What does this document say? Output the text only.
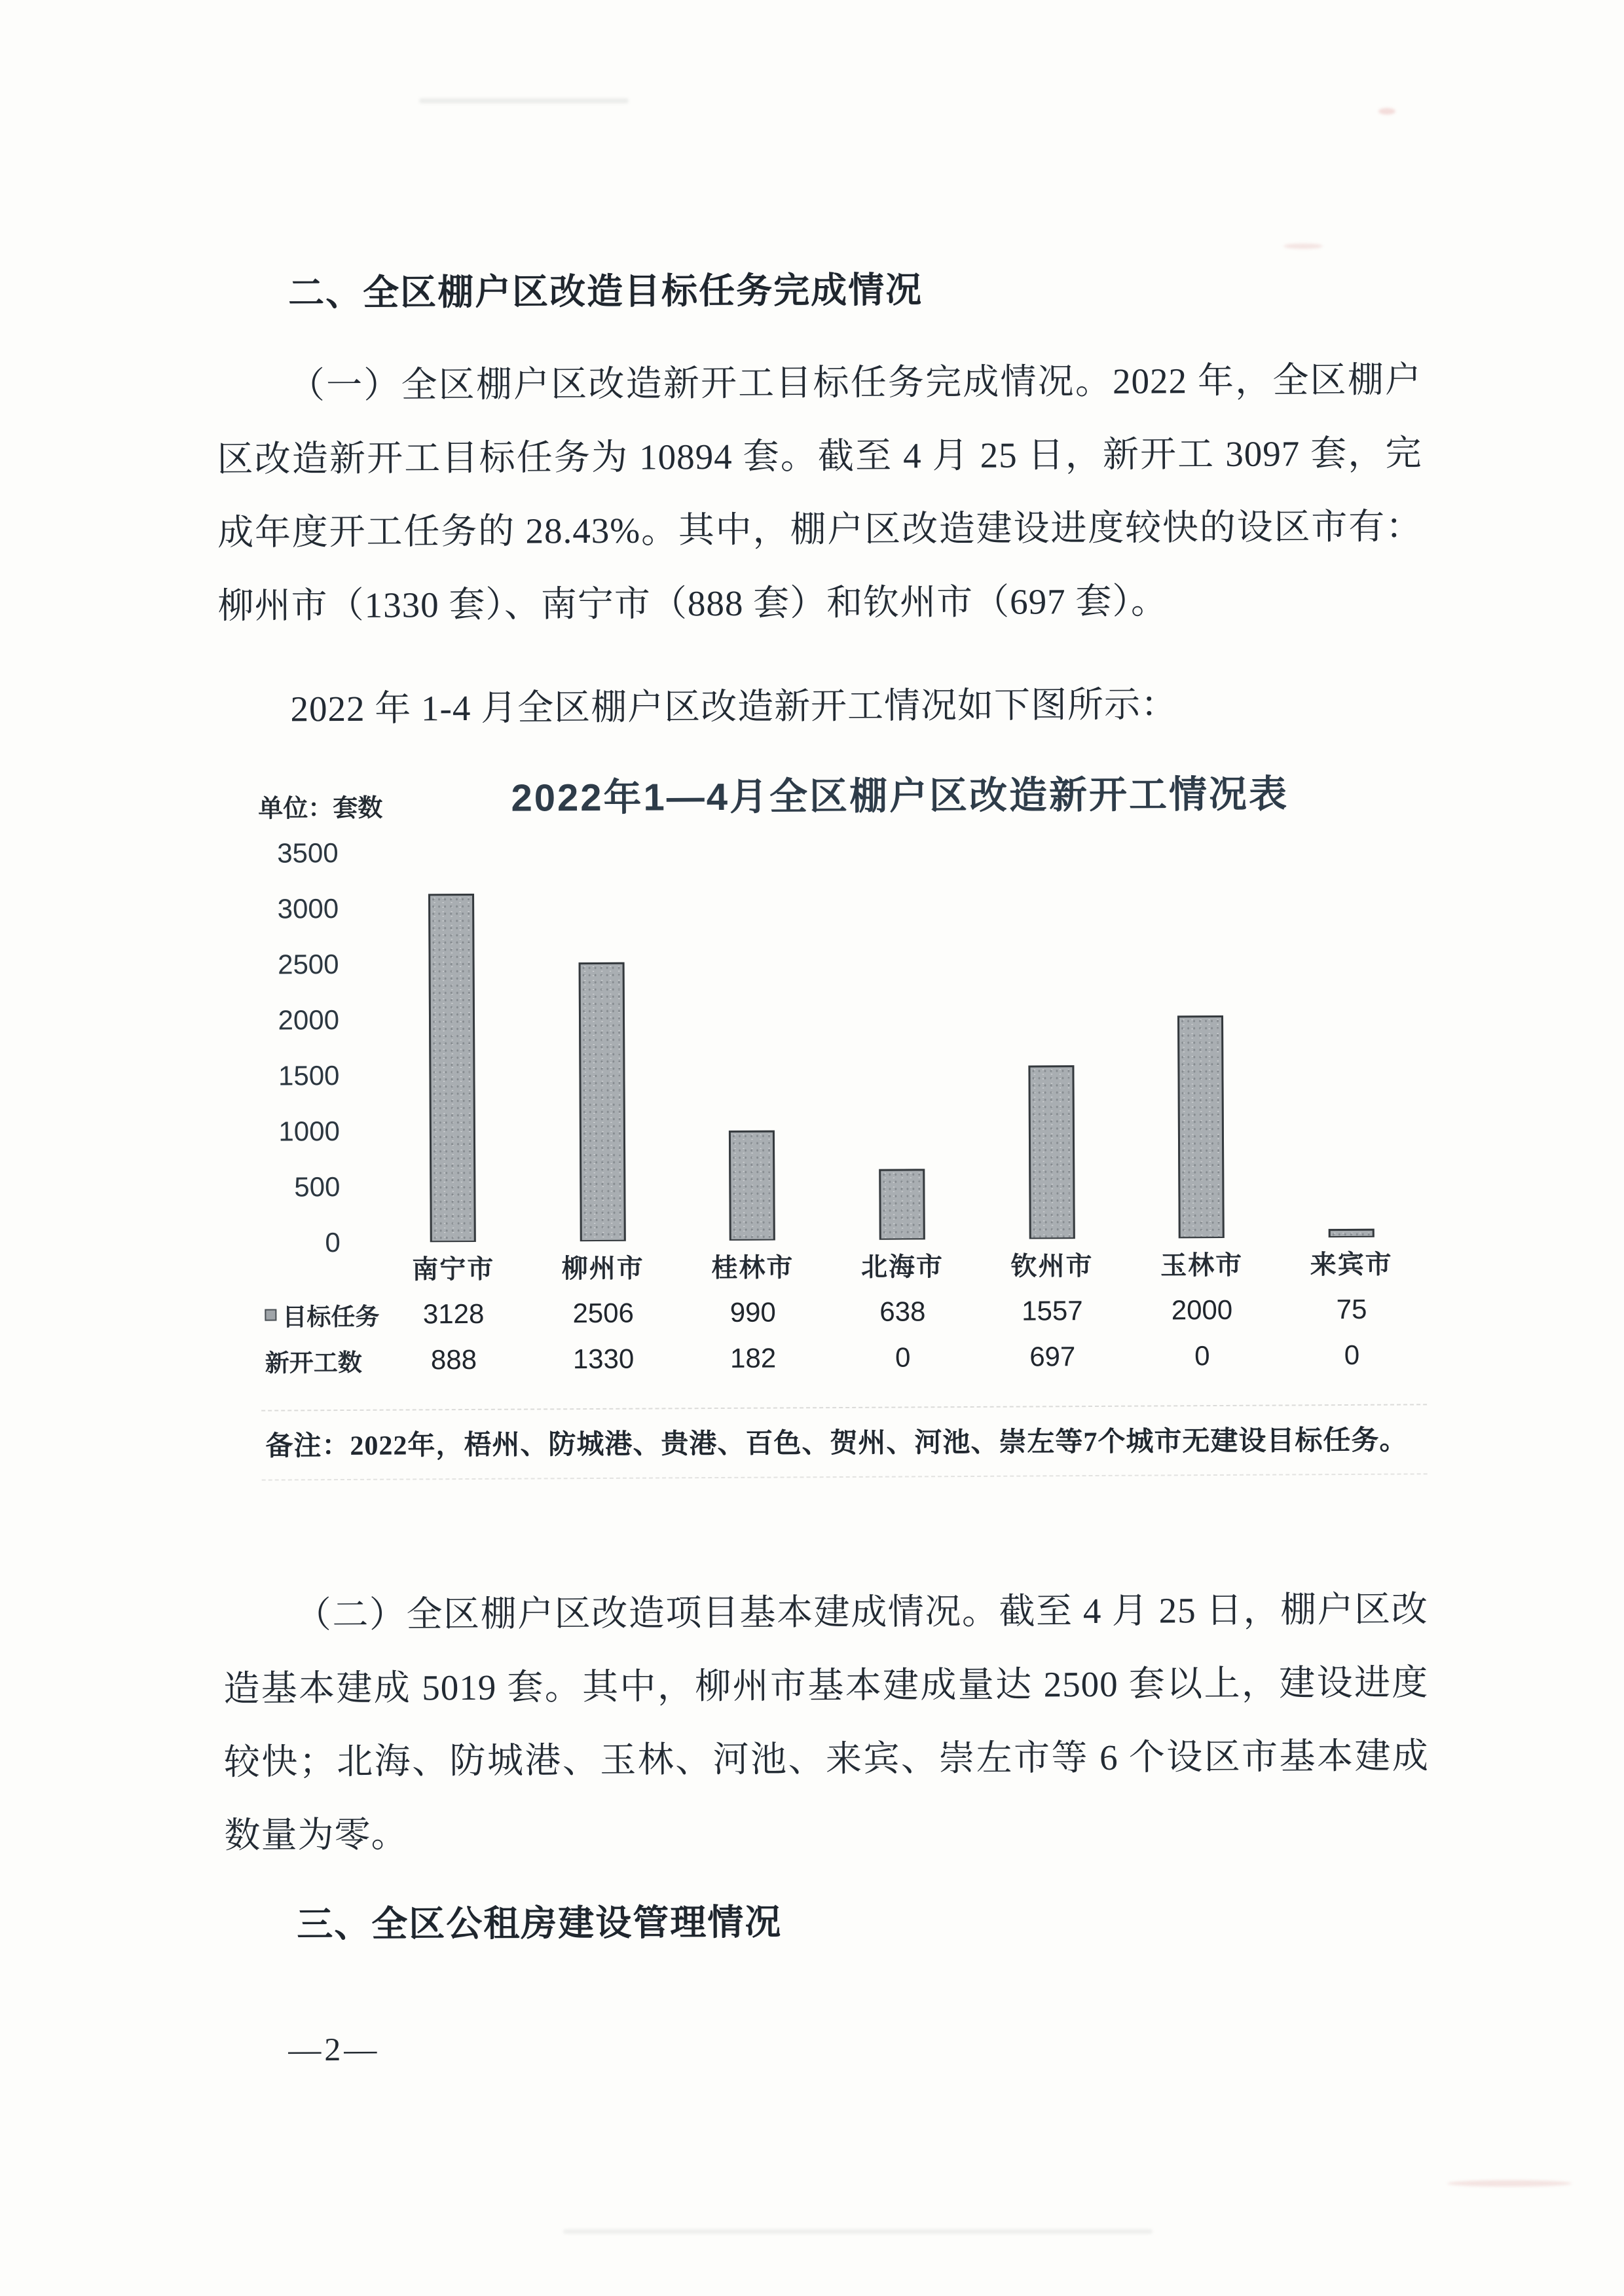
二、全区棚户区改造目标任务完成情况

（一）全区棚户区改造新开工目标任务完成情况。2022 年，全区棚户区改造新开工目标任务为 10894 套。截至 4 月 25 日，新开工 3097 套，完成年度开工任务的 28.43%。其中，棚户区改造建设进度较快的设区市有：柳州市（1330 套）、南宁市（888 套）和钦州市（697 套）。

2022 年 1-4 月全区棚户区改造新开工情况如下图所示：

单位：套数	2022年1—4月全区棚户区改造新开工情况表
3500
3000
2500
2000
1500
1000
500
0
南宁市	柳州市	桂林市	北海市	钦州市	玉林市	来宾市
目标任务	3128	2506	990	638	1557	2000	75
新开工数	888	1330	182	0	697	0	0
备注：2022年，梧州、防城港、贵港、百色、贺州、河池、崇左等7个城市无建设目标任务。

（二）全区棚户区改造项目基本建成情况。截至 4 月 25 日，棚户区改造基本建成 5019 套。其中，柳州市基本建成量达 2500 套以上，建设进度较快；北海、防城港、玉林、河池、来宾、崇左市等 6 个设区市基本建成数量为零。

三、全区公租房建设管理情况
—2—
